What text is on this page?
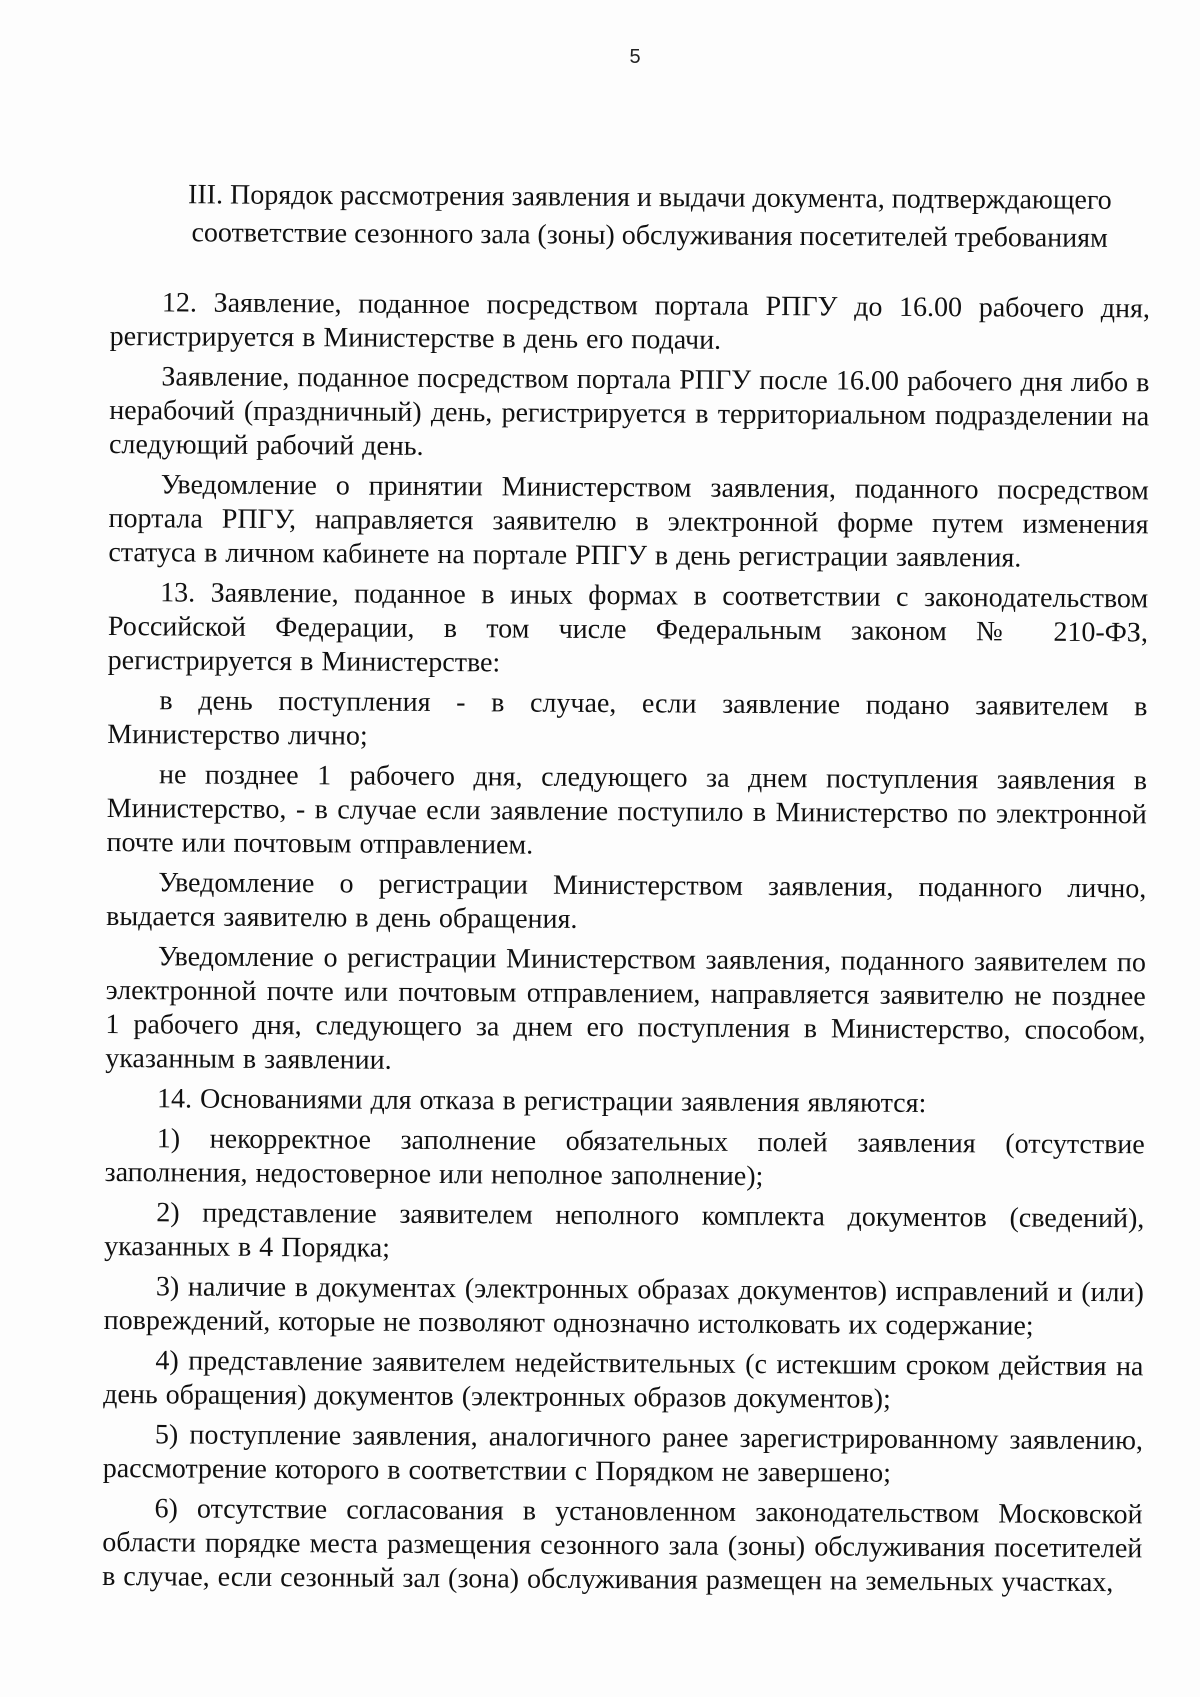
5
III. Порядок рассмотрения заявления и выдачи документа, подтверждающего
соответствие сезонного зала (зоны) обслуживания посетителей требованиям

12. Заявление, поданное посредством портала РПГУ до 16.00 рабочего дня, регистрируется в Министерстве в день его подачи.

Заявление, поданное посредством портала РПГУ после 16.00 рабочего дня либо в нерабочий (праздничный) день, регистрируется в территориальном подразделении на следующий рабочий день.

Уведомление о принятии Министерством заявления, поданного посредством портала РПГУ, направляется заявителю в электронной форме путем изменения статуса в личном кабинете на портале РПГУ в день регистрации заявления.

13. Заявление, поданное в иных формах в соответствии с законодательством Российской Федерации, в том числе Федеральным законом № 210-ФЗ, регистрируется в Министерстве:

в день поступления - в случае, если заявление подано заявителем в Министерство лично;

не позднее 1 рабочего дня, следующего за днем поступления заявления в Министерство, - в случае если заявление поступило в Министерство по электронной почте или почтовым отправлением.

Уведомление о регистрации Министерством заявления, поданного лично, выдается заявителю в день обращения.

Уведомление о регистрации Министерством заявления, поданного заявителем по электронной почте или почтовым отправлением, направляется заявителю не позднее 1 рабочего дня, следующего за днем его поступления в Министерство, способом, указанным в заявлении.

14. Основаниями для отказа в регистрации заявления являются:

1) некорректное заполнение обязательных полей заявления (отсутствие заполнения, недостоверное или неполное заполнение);

2) представление заявителем неполного комплекта документов (сведений), указанных в 4 Порядка;

3) наличие в документах (электронных образах документов) исправлений и (или) повреждений, которые не позволяют однозначно истолковать их содержание;

4) представление заявителем недействительных (с истекшим сроком действия на день обращения) документов (электронных образов документов);

5) поступление заявления, аналогичного ранее зарегистрированному заявлению, рассмотрение которого в соответствии с Порядком не завершено;

6) отсутствие согласования в установленном законодательством Московской области порядке места размещения сезонного зала (зоны) обслуживания посетителей в случае, если сезонный зал (зона) обслуживания размещен на земельных участках,
